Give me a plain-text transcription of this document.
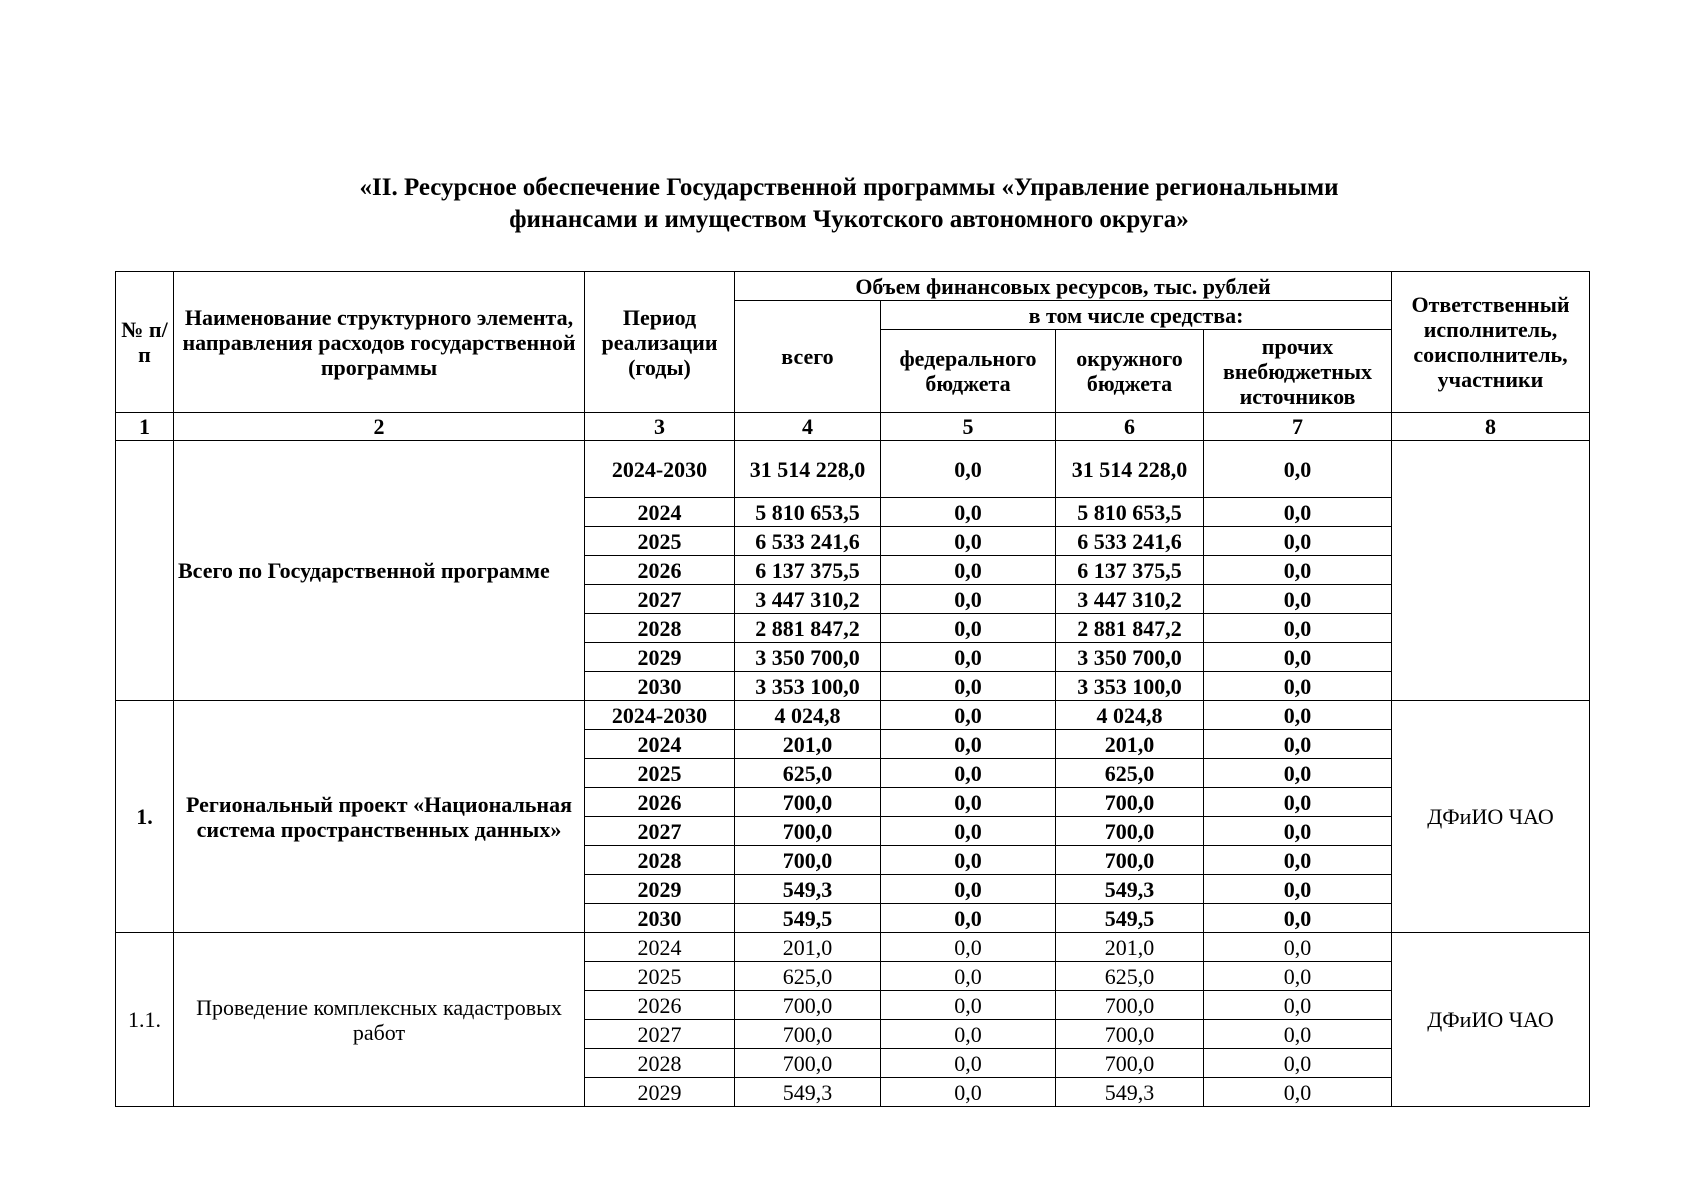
«II. Ресурсное обеспечение Государственной программы «Управление региональными
финансами и имуществом Чукотского автономного округа»
№ п/п	Наименование структурного элемента, направления расходов государственной программы	Период реализации (годы)	Объем финансовых ресурсов, тыс. рублей				Ответственный исполнитель, соисполнитель, участники
			всего	в том числе средства:			
				федерального бюджета	окружного бюджета	прочих внебюджетных источников	
1	2	3	4	5	6	7	8
	Всего по Государственной программе	2024-2030	31 514 228,0	0,0	31 514 228,0	0,0	
		2024	5 810 653,5	0,0	5 810 653,5	0,0	
		2025	6 533 241,6	0,0	6 533 241,6	0,0	
		2026	6 137 375,5	0,0	6 137 375,5	0,0	
		2027	3 447 310,2	0,0	3 447 310,2	0,0	
		2028	2 881 847,2	0,0	2 881 847,2	0,0	
		2029	3 350 700,0	0,0	3 350 700,0	0,0	
		2030	3 353 100,0	0,0	3 353 100,0	0,0	
1.	Региональный проект «Национальная система пространственных данных»	2024-2030	4 024,8	0,0	4 024,8	0,0	ДФиИО ЧАО
		2024	201,0	0,0	201,0	0,0	
		2025	625,0	0,0	625,0	0,0	
		2026	700,0	0,0	700,0	0,0	
		2027	700,0	0,0	700,0	0,0	
		2028	700,0	0,0	700,0	0,0	
		2029	549,3	0,0	549,3	0,0	
		2030	549,5	0,0	549,5	0,0	
1.1.	Проведение комплексных кадастровых работ	2024	201,0	0,0	201,0	0,0	ДФиИО ЧАО
		2025	625,0	0,0	625,0	0,0	
		2026	700,0	0,0	700,0	0,0	
		2027	700,0	0,0	700,0	0,0	
		2028	700,0	0,0	700,0	0,0	
		2029	549,3	0,0	549,3	0,0	
